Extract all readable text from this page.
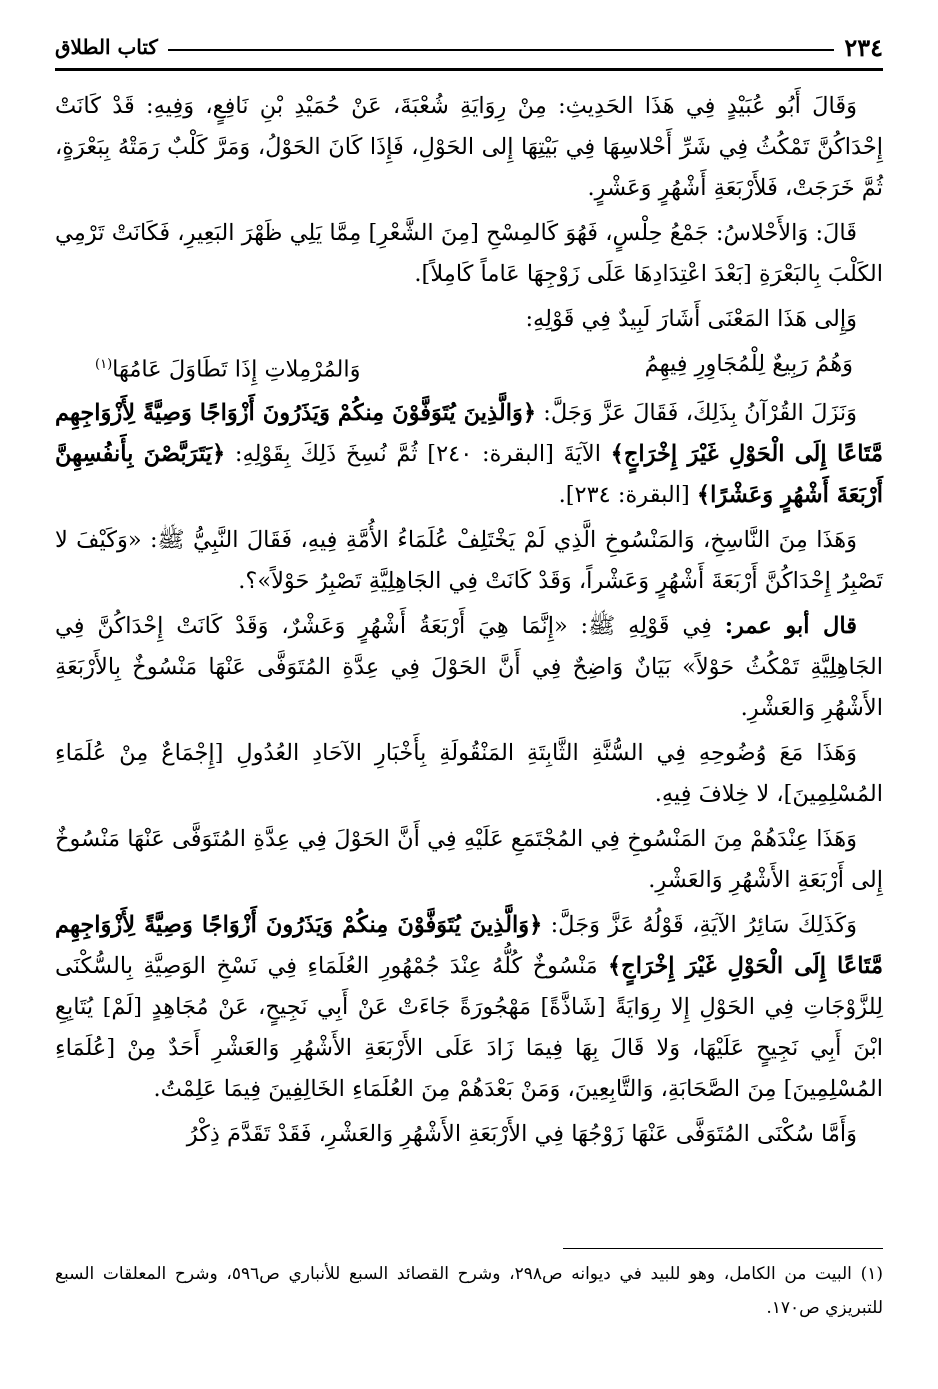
٢٣٤
كتاب الطلاق

وَقَالَ أَبُو عُبَيْدٍ فِي هَذَا الحَدِيثِ: مِنْ رِوَايَةِ شُعْبَةَ، عَنْ حُمَيْدِ بْنِ نَافِعٍ، وَفِيهِ: قَدْ كَانَتْ إِحْدَاكُنَّ تَمْكُثُ فِي شَرِّ أَحْلاسِهَا فِي بَيْتِهَا إِلى الحَوْلِ، فَإِذَا كَانَ الحَوْلُ، وَمَرَّ كَلْبٌ رَمَتْهُ بِبَعْرَةٍ، ثُمَّ خَرَجَتْ، فَلأَرْبَعَةِ أَشْهُرٍ وَعَشْرٍ.

قَالَ: وَالأَحْلاسُ: جَمْعُ حِلْسٍ، فَهُوَ كَالمِسْحِ [مِنَ الشَّعْرِ] مِمَّا يَلِي ظَهْرَ البَعِيرِ، فَكَانَتْ تَرْمِي الكَلْبَ بِالبَعْرَةِ [بَعْدَ اعْتِدَادِهَا عَلَى زَوْجِهَا عَاماً كَامِلاً].

وَإِلى هَذَا المَعْنَى أَشَارَ لَبِيدٌ فِي قَوْلِهِ:

وَهُمُ رَبِيعٌ لِلْمُجَاوِرِ فِيهِمُ
وَالمُرْمِلاتِ إِذَا تَطَاوَلَ عَامُهَا$^{(١)}$

وَنَزَلَ القُرْآنُ بِذَلِكَ، فَقَالَ عَزَّ وَجَلَّ: ﴿وَالَّذِينَ يُتَوَفَّوْنَ مِنكُمْ وَيَذَرُونَ أَزْوَاجًا وَصِيَّةً لِأَزْوَاجِهِم مَّتَاعًا إِلَى الْحَوْلِ غَيْرَ إِخْرَاجٍ﴾ الآيَةَ [البقرة: ٢٤٠] ثُمَّ نُسِخَ ذَلِكَ بِقَوْلِهِ: ﴿يَتَرَبَّصْنَ بِأَنفُسِهِنَّ أَرْبَعَةَ أَشْهُرٍ وَعَشْرًا﴾ [البقرة: ٢٣٤].

وَهَذَا مِنَ النَّاسِخِ، وَالمَنْسُوخِ الَّذِي لَمْ يَخْتَلِفْ عُلَمَاءُ الأُمَّةِ فِيهِ، فَقَالَ النَّبِيُّ ﷺ: «وَكَيْفَ لا تَصْبِرُ إِحْدَاكُنَّ أَرْبَعَةَ أَشْهُرٍ وَعَشْراً، وَقَدْ كَانَتْ فِي الجَاهِلِيَّةِ تَصْبِرُ حَوْلاً»؟.

قال أبو عمر: فِي قَوْلِهِ ﷺ: «إِنَّمَا هِيَ أَرْبَعَةُ أَشْهُرٍ وَعَشْرٌ، وَقَدْ كَانَتْ إِحْدَاكُنَّ فِي الجَاهِلِيَّةِ تَمْكُثُ حَوْلاً» بَيَانٌ وَاضِحٌ فِي أَنَّ الحَوْلَ فِي عِدَّةِ المُتَوَفَّى عَنْهَا مَنْسُوخٌ بِالأَرْبَعَةِ الأَشْهُرِ وَالعَشْرِ.

وَهَذَا مَعَ وُضُوحِهِ فِي السُّنَّةِ الثَّابِتَةِ المَنْقُولَةِ بِأَخْبَارِ الآحَادِ العُدُولِ [إِجْمَاعٌ مِنْ عُلَمَاءِ المُسْلِمِينَ]، لا خِلافَ فِيهِ.

وَهَذَا عِنْدَهُمْ مِنَ المَنْسُوخِ فِي المُجْتَمَعِ عَلَيْهِ فِي أَنَّ الحَوْلَ فِي عِدَّةِ المُتَوَفَّى عَنْهَا مَنْسُوخٌ إِلى أَرْبَعَةِ الأَشْهُرِ وَالعَشْرِ.

وَكَذَلِكَ سَائِرُ الآيَةِ، قَوْلُهُ عَزَّ وَجَلَّ: ﴿وَالَّذِينَ يُتَوَفَّوْنَ مِنكُمْ وَيَذَرُونَ أَزْوَاجًا وَصِيَّةً لِأَزْوَاجِهِم مَّتَاعًا إِلَى الْحَوْلِ غَيْرَ إِخْرَاجٍ﴾ مَنْسُوخٌ كُلُّهُ عِنْدَ جُمْهُورِ العُلَمَاءِ فِي نَسْخِ الوَصِيَّةِ بِالسُّكْنَى لِلزَّوْجَاتِ فِي الحَوْلِ إِلا رِوَايَةً [شَاذَّةً] مَهْجُورَةً جَاءَتْ عَنْ أَبِي نَجِيحٍ، عَنْ مُجَاهِدٍ [لَمْ] يُتَابِعِ ابْنَ أَبِي نَجِيحٍ عَلَيْهَا، وَلا قَالَ بِهَا فِيمَا زَادَ عَلَى الأَرْبَعَةِ الأَشْهُرِ وَالعَشْرِ أَحَدٌ مِنْ [عُلَمَاءِ المُسْلِمِينَ] مِنَ الصَّحَابَةِ، وَالتَّابِعِينَ، وَمَنْ بَعْدَهُمْ مِنَ العُلَمَاءِ الخَالِفِينَ فِيمَا عَلِمْتُ.

وَأَمَّا سُكْنَى المُتَوَفَّى عَنْهَا زَوْجُهَا فِي الأَرْبَعَةِ الأَشْهُرِ وَالعَشْرِ، فَقَدْ تَقَدَّمَ ذِكْرُ

(١) البيت من الكامل، وهو للبيد في ديوانه ص٢٩٨، وشرح القصائد السبع للأنباري ص٥٩٦، وشرح المعلقات السبع للتبريزي ص١٧٠.
